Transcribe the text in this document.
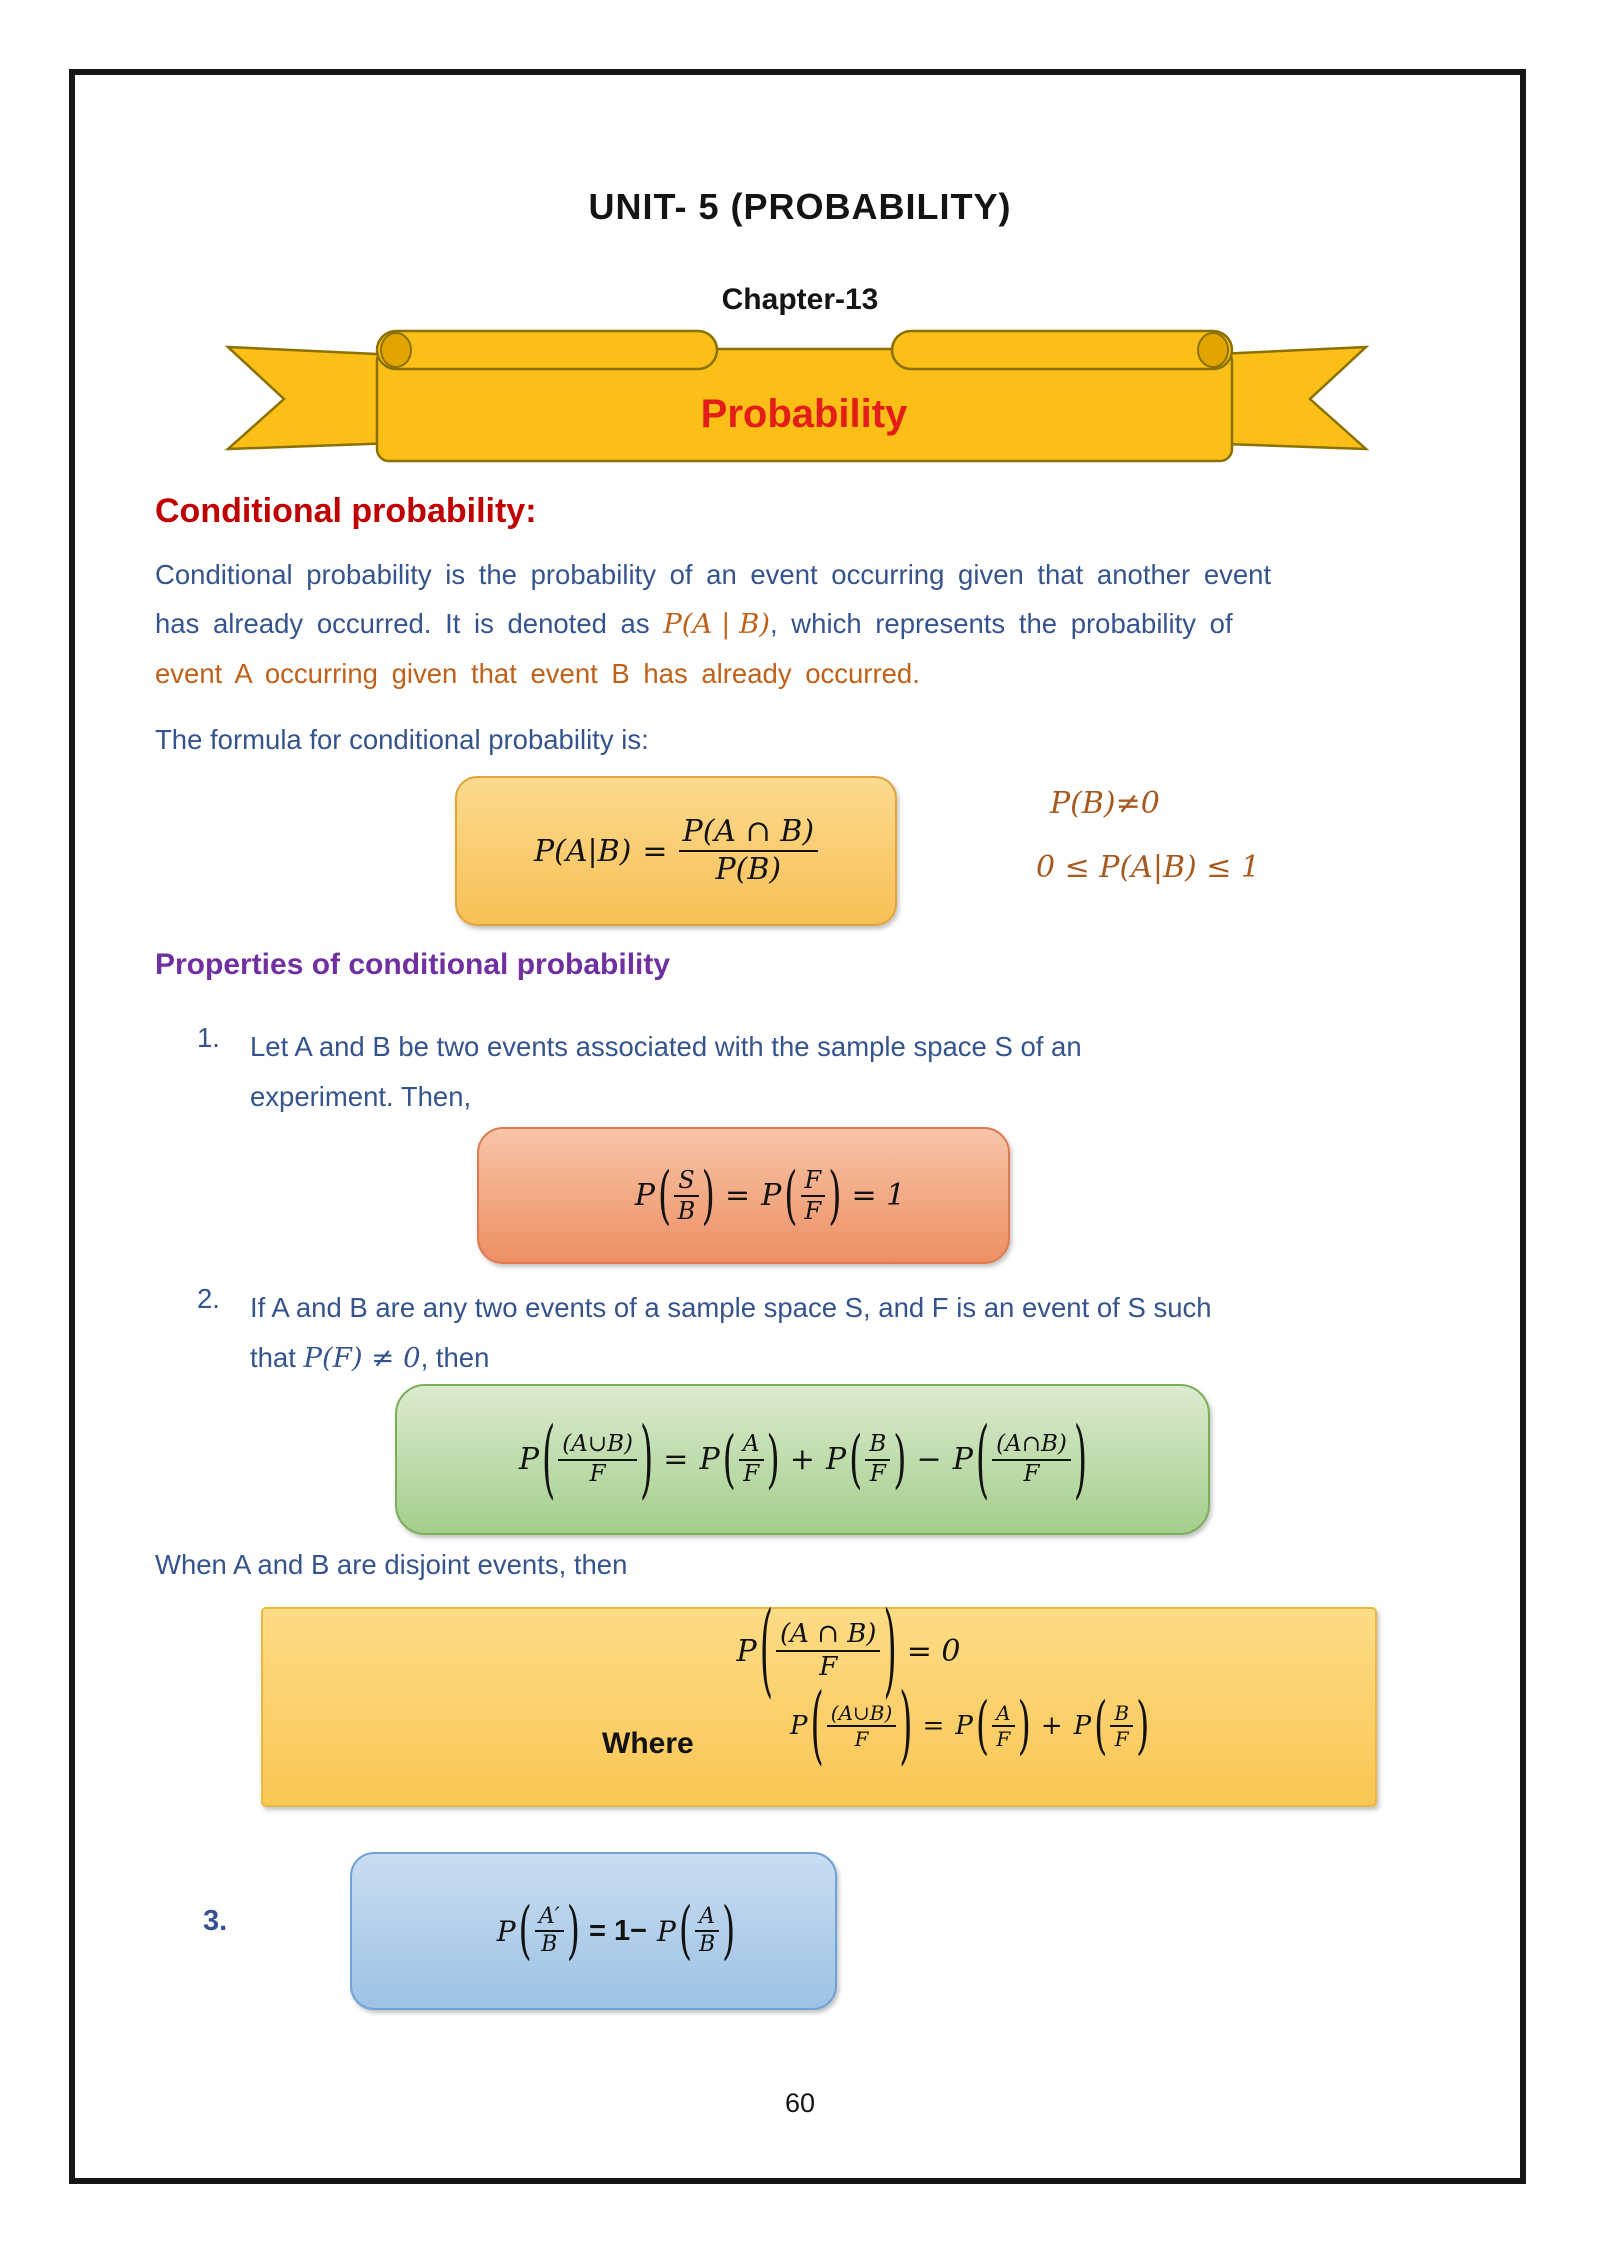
UNIT- 5 (PROBABILITY)
Chapter-13
Probability
Conditional probability:
Conditional probability is the probability of an event occurring given that another event
has already occurred. It is denoted as P(A | B), which represents the probability of
event A occurring given that event B has already occurred.
The formula for conditional probability is:
$P(A|B) = \frac{P(A \cap B)}{P(B)}$
P(B)≠0
0 ≤ P(A|B) ≤ 1
Properties of conditional probability
1. Let A and B be two events associated with the sample space S of an
experiment. Then,
P ( $\frac{S}{B}$ ) = P ( $\frac{F}{F}$ ) = 1
2. If A and B are any two events of a sample space S, and F is an event of S such
that P(F) ≠ 0, then
P ( $\frac{(A\cup B)}{F}$ ) = P ( $\frac{A}{F}$ ) + P ( $\frac{B}{F}$ ) − P ( $\frac{(A\cap B)}{F}$ )
When A and B are disjoint events, then
P ( $\frac{(A \cap B)}{F}$ ) = 0
Where
P ( $\frac{(A\cup B)}{F}$ ) = P ( $\frac{A}{F}$ ) + P ( $\frac{B}{F}$ )
3.	P ( $\frac{A'}{B}$ ) = 1− P ( $\frac{A}{B}$ )
60
